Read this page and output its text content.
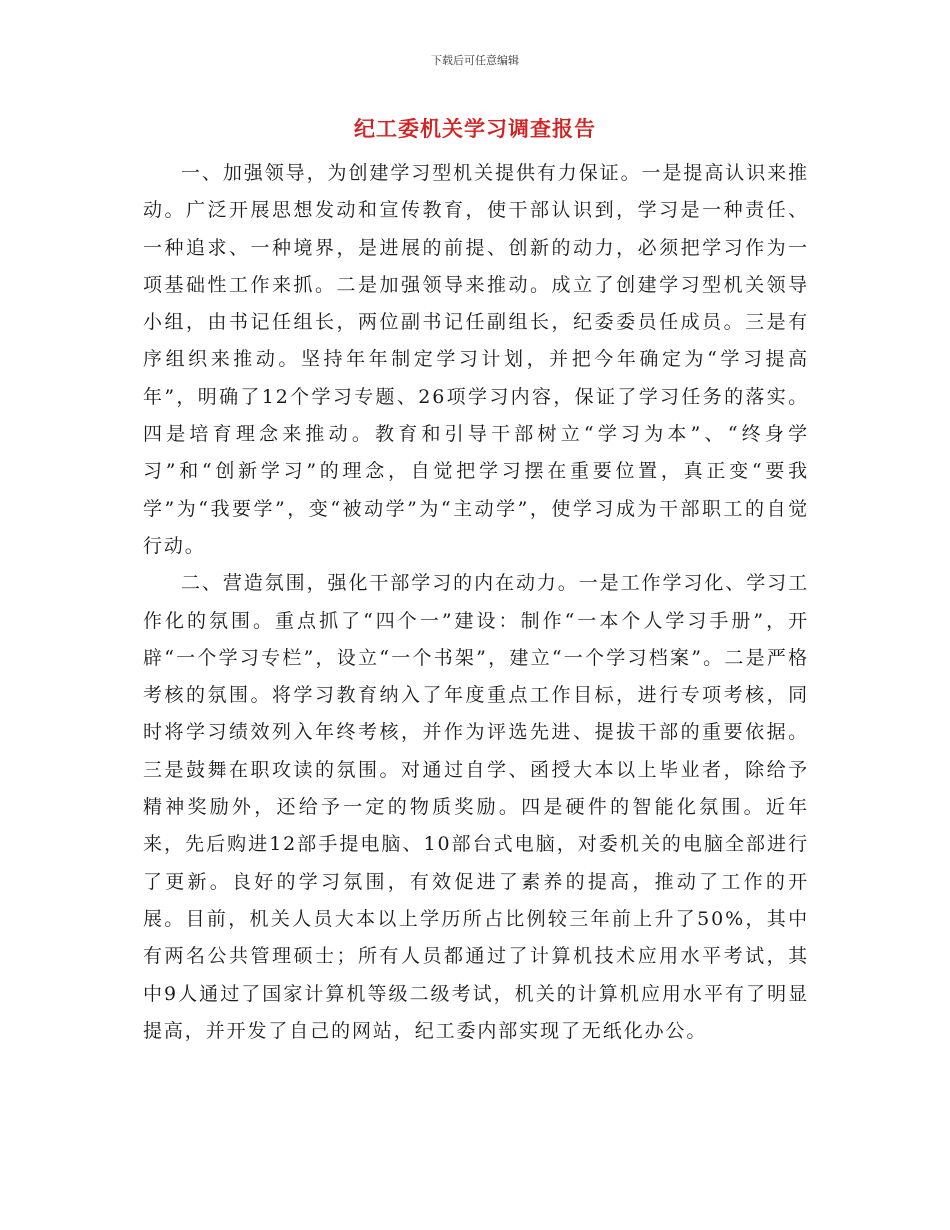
下载后可任意编辑
纪工委机关学习调查报告

一、加强领导，为创建学习型机关提供有力保证。一是提高认识来推动。广泛开展思想发动和宣传教育，使干部认识到，学习是一种责任、一种追求、一种境界，是进展的前提、创新的动力，必须把学习作为一项基础性工作来抓。二是加强领导来推动。成立了创建学习型机关领导小组，由书记任组长，两位副书记任副组长，纪委委员任成员。三是有序组织来推动。坚持年年制定学习计划，并把今年确定为“学习提高年”，明确了12个学习专题、26项学习内容，保证了学习任务的落实。四是培育理念来推动。教育和引导干部树立“学习为本”、“终身学习”和“创新学习”的理念，自觉把学习摆在重要位置，真正变“要我学”为“我要学”，变“被动学”为“主动学”，使学习成为干部职工的自觉行动。

二、营造氛围，强化干部学习的内在动力。一是工作学习化、学习工作化的氛围。重点抓了“四个一”建设：制作“一本个人学习手册”，开辟“一个学习专栏”，设立“一个书架”，建立“一个学习档案”。二是严格考核的氛围。将学习教育纳入了年度重点工作目标，进行专项考核，同时将学习绩效列入年终考核，并作为评选先进、提拔干部的重要依据。三是鼓舞在职攻读的氛围。对通过自学、函授大本以上毕业者，除给予精神奖励外，还给予一定的物质奖励。四是硬件的智能化氛围。近年来，先后购进12部手提电脑、10部台式电脑，对委机关的电脑全部进行了更新。良好的学习氛围，有效促进了素养的提高，推动了工作的开展。目前，机关人员大本以上学历所占比例较三年前上升了50%，其中有两名公共管理硕士；所有人员都通过了计算机技术应用水平考试，其中9人通过了国家计算机等级二级考试，机关的计算机应用水平有了明显提高，并开发了自己的网站，纪工委内部实现了无纸化办公。
